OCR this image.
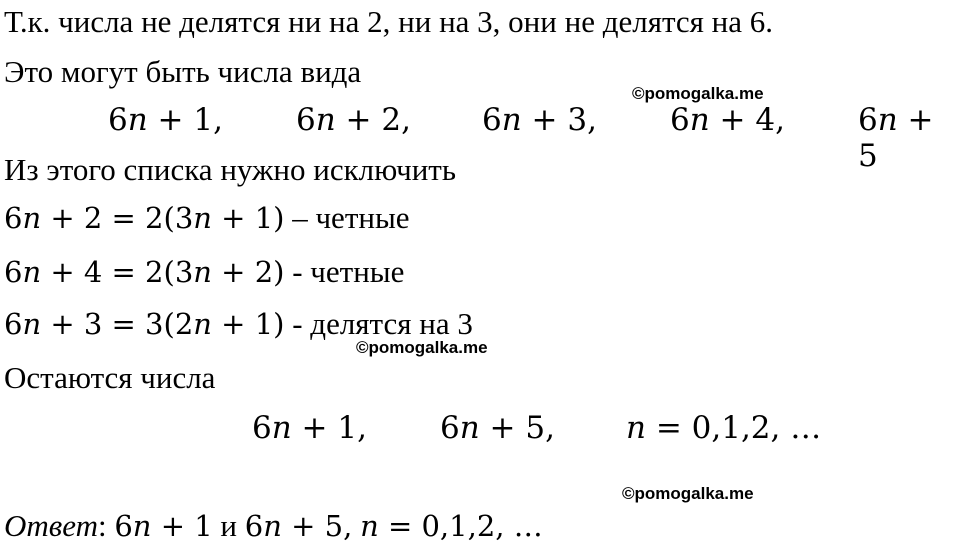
Т.к. числа не делятся ни на 2, ни на 3, они не делятся на 6.
Это могут быть числа вида
©pomogalka.me
6n + 1, 6n + 2, 6n + 3, 6n + 4, 6n + 5
Из этого списка нужно исключить
6n + 2 = 2(3n + 1) – четные
6n + 4 = 2(3n + 2) - четные
6n + 3 = 3(2n + 1) - делятся на 3
©pomogalka.me
Остаются числа
6n + 1, 6n + 5, n = 0,1,2, …
©pomogalka.me
Ответ: 6n + 1 и 6n + 5, n = 0,1,2, …
